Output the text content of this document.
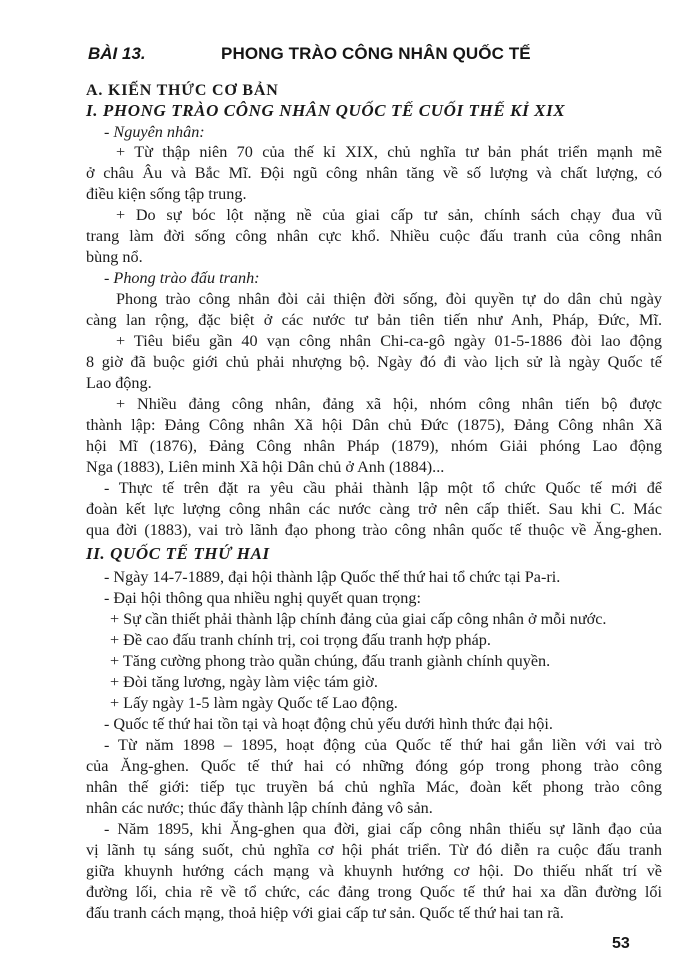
BÀI 13.	PHONG TRÀO CÔNG NHÂN QUỐC TẾ
A. KIẾN THỨC CƠ BẢN
I. PHONG TRÀO CÔNG NHÂN QUỐC TẾ CUỐI THẾ KỈ XIX
- Nguyên nhân:
+ Từ thập niên 70 của thế kỉ XIX, chủ nghĩa tư bản phát triển mạnh mẽ
ở châu Âu và Bắc Mĩ. Đội ngũ công nhân tăng về số lượng và chất lượng, có
điều kiện sống tập trung.
+ Do sự bóc lột nặng nề của giai cấp tư sản, chính sách chạy đua vũ
trang làm đời sống công nhân cực khổ. Nhiều cuộc đấu tranh của công nhân
bùng nổ.
- Phong trào đấu tranh:
Phong trào công nhân đòi cải thiện đời sống, đòi quyền tự do dân chủ ngày
càng lan rộng, đặc biệt ở các nước tư bản tiên tiến như Anh, Pháp, Đức, Mĩ.
+ Tiêu biểu gần 40 vạn công nhân Chi-ca-gô ngày 01-5-1886 đòi lao động
8 giờ đã buộc giới chủ phải nhượng bộ. Ngày đó đi vào lịch sử là ngày Quốc tế
Lao động.
+ Nhiều đảng công nhân, đảng xã hội, nhóm công nhân tiến bộ được
thành lập: Đảng Công nhân Xã hội Dân chủ Đức (1875), Đảng Công nhân Xã
hội Mĩ (1876), Đảng Công nhân Pháp (1879), nhóm Giải phóng Lao động
Nga (1883), Liên minh Xã hội Dân chủ ở Anh (1884)...
- Thực tế trên đặt ra yêu cầu phải thành lập một tổ chức Quốc tế mới để
đoàn kết lực lượng công nhân các nước càng trở nên cấp thiết. Sau khi C. Mác
qua đời (1883), vai trò lãnh đạo phong trào công nhân quốc tế thuộc về Ăng-ghen.
II. QUỐC TẾ THỨ HAI
- Ngày 14-7-1889, đại hội thành lập Quốc thế thứ hai tổ chức tại Pa-ri.
- Đại hội thông qua nhiều nghị quyết quan trọng:
+ Sự cần thiết phải thành lập chính đảng của giai cấp công nhân ở mỗi nước.
+ Đề cao đấu tranh chính trị, coi trọng đấu tranh hợp pháp.
+ Tăng cường phong trào quần chúng, đấu tranh giành chính quyền.
+ Đòi tăng lương, ngày làm việc tám giờ.
+ Lấy ngày 1-5 làm ngày Quốc tế Lao động.
- Quốc tế thứ hai tồn tại và hoạt động chủ yếu dưới hình thức đại hội.
- Từ năm 1898 – 1895, hoạt động của Quốc tế thứ hai gắn liền với vai trò
của Ăng-ghen. Quốc tế thứ hai có những đóng góp trong phong trào công
nhân thế giới: tiếp tục truyền bá chủ nghĩa Mác, đoàn kết phong trào công
nhân các nước; thúc đẩy thành lập chính đảng vô sản.
- Năm 1895, khi Ăng-ghen qua đời, giai cấp công nhân thiếu sự lãnh đạo của
vị lãnh tụ sáng suốt, chủ nghĩa cơ hội phát triển. Từ đó diễn ra cuộc đấu tranh
giữa khuynh hướng cách mạng và khuynh hướng cơ hội. Do thiếu nhất trí về
đường lối, chia rẽ về tổ chức, các đảng trong Quốc tế thứ hai xa dần đường lối
đấu tranh cách mạng, thoả hiệp với giai cấp tư sản. Quốc tế thứ hai tan rã.
53
